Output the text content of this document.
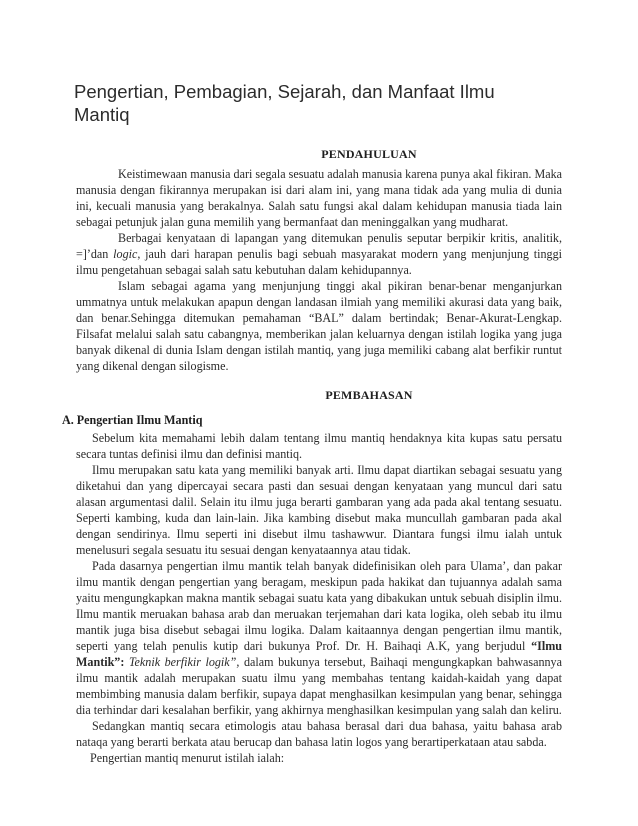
Pengertian, Pembagian, Sejarah, dan Manfaat Ilmu Mantiq
PENDAHULUAN

Keistimewaan manusia dari segala sesuatu adalah manusia karena punya akal fikiran. Maka manusia dengan fikirannya merupakan isi dari alam ini, yang mana tidak ada yang mulia di dunia ini, kecuali manusia yang berakalnya. Salah satu fungsi akal dalam kehidupan manusia tiada lain sebagai petunjuk jalan guna memilih yang bermanfaat dan meninggalkan yang mudharat.

Berbagai kenyataan di lapangan yang ditemukan penulis seputar berpikir kritis, analitik, =]’dan logic, jauh dari harapan penulis bagi sebuah masyarakat modern yang menjunjung tinggi ilmu pengetahuan sebagai salah satu kebutuhan dalam kehidupannya.

Islam sebagai agama yang menjunjung tinggi akal pikiran benar-benar menganjurkan ummatnya untuk melakukan apapun dengan landasan ilmiah yang memiliki akurasi data yang baik, dan benar.Sehingga ditemukan pemahaman “BAL” dalam bertindak; Benar-Akurat-Lengkap. Filsafat melalui salah satu cabangnya, memberikan jalan keluarnya dengan istilah logika yang juga banyak dikenal di dunia Islam dengan istilah mantiq, yang juga memiliki cabang alat berfikir runtut yang dikenal dengan silogisme.

PEMBAHASAN
A. Pengertian Ilmu Mantiq

Sebelum kita memahami lebih dalam tentang ilmu mantiq hendaknya kita kupas satu persatu secara tuntas definisi ilmu dan definisi mantiq.

Ilmu merupakan satu kata yang memiliki banyak arti. Ilmu dapat diartikan sebagai sesuatu yang diketahui dan yang dipercayai secara pasti dan sesuai dengan kenyataan yang muncul dari satu alasan argumentasi dalil. Selain itu ilmu juga berarti gambaran yang ada pada akal tentang sesuatu. Seperti kambing, kuda dan lain-lain. Jika kambing disebut maka muncullah gambaran pada akal dengan sendirinya. Ilmu seperti ini disebut ilmu tashawwur. Diantara fungsi ilmu ialah untuk menelusuri segala sesuatu itu sesuai dengan kenyataannya atau tidak.

Pada dasarnya pengertian ilmu mantik telah banyak didefinisikan oleh para Ulama’, dan pakar ilmu mantik dengan pengertian yang beragam, meskipun pada hakikat dan tujuannya adalah sama yaitu mengungkapkan makna mantik sebagai suatu kata yang dibakukan untuk sebuah disiplin ilmu. Ilmu mantik meruakan bahasa arab dan meruakan terjemahan dari kata logika, oleh sebab itu ilmu mantik juga bisa disebut sebagai ilmu logika. Dalam kaitaannya dengan pengertian ilmu mantik, seperti yang telah penulis kutip dari bukunya Prof. Dr. H. Baihaqi A.K, yang berjudul “Ilmu Mantik”: Teknik berfikir logik”, dalam bukunya tersebut, Baihaqi mengungkapkan bahwasannya ilmu mantik adalah merupakan suatu ilmu yang membahas tentang kaidah-kaidah yang dapat membimbing manusia dalam berfikir, supaya dapat menghasilkan kesimpulan yang benar, sehingga dia terhindar dari kesalahan berfikir, yang akhirnya menghasilkan kesimpulan yang salah dan keliru.

Sedangkan mantiq secara etimologis atau bahasa berasal dari dua bahasa, yaitu bahasa arab nataqa yang berarti berkata atau berucap dan bahasa latin logos yang berartiperkataan atau sabda.

Pengertian mantiq menurut istilah ialah:
